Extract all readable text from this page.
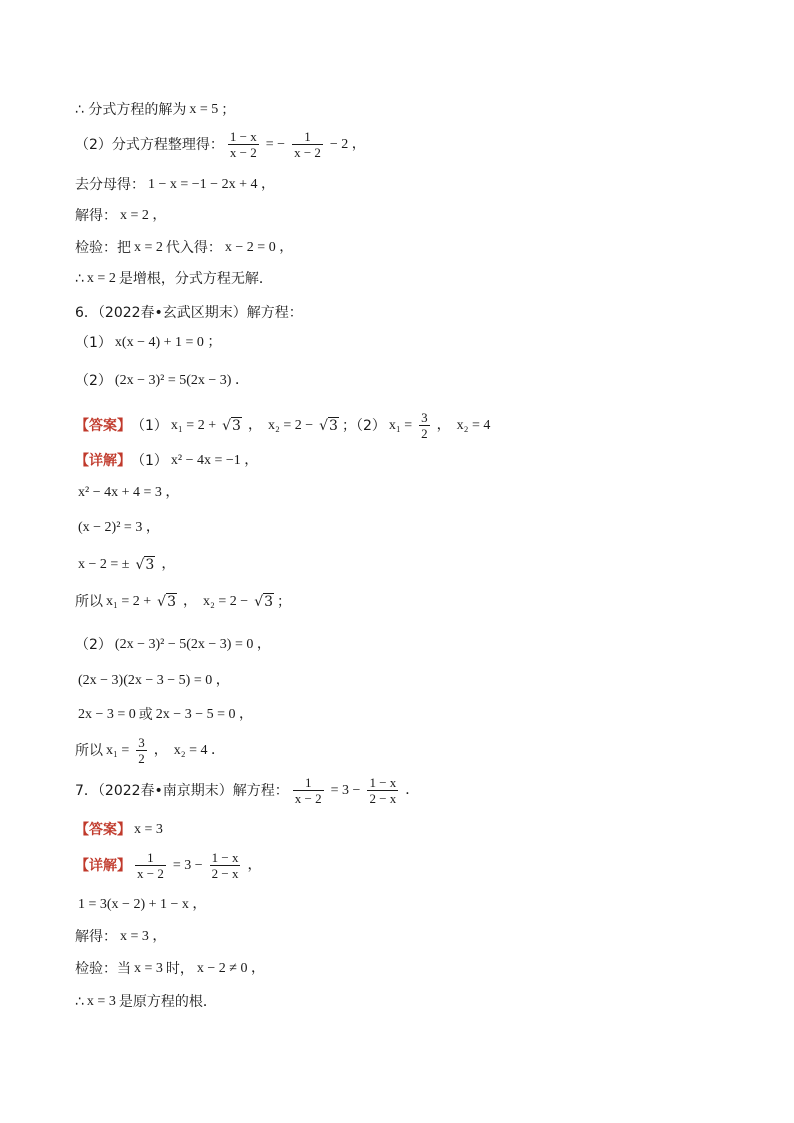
∴ 分式方程的解为 x = 5 ；
（2）分式方程整理得： $\frac{1 - x}{x - 2}$ = − $\frac{1}{x - 2} - 2$ ，
去分母得： 1 − x = −1 − 2x + 4 ，
解得： x = 2 ，
检验：把 x = 2 代入得： x − 2 = 0 ，
∴ x = 2 是增根，分式方程无解．
6．（2022春•玄武区期末）解方程：
（1） x(x − 4) + 1 = 0 ；
（2） (2x − 3)² = 5(2x − 3) ．
【答案】 （1） x₁ = 2 + √3 ， x₂ = 2 − √3 ；（2） $x_1 = \frac{3}{2}$ ， x₂ = 4
【详解】 （1） x² − 4x = −1 ，
x² − 4x + 4 = 3 ，
(x − 2)² = 3 ，
x − 2 = ± √3 ，
所以 x₁ = 2 + √3 ， x₂ = 2 − √3 ；
（2） (2x − 3)² − 5(2x − 3) = 0 ，
(2x − 3)(2x − 3 − 5) = 0 ，
2x − 3 = 0 或 2x − 3 − 5 = 0 ，
所以 $x_1 = \frac{3}{2}$ ， x₂ = 4 ．
7．（2022春•南京期末）解方程： $\frac{1}{x - 2} = 3 - \frac{1 - x}{2 - x}$ ．
【答案】 x = 3
【详解】 $\frac{1}{x - 2} = 3 - \frac{1 - x}{2 - x}$ ，
1 = 3(x − 2) + 1 − x ，
解得： x = 3 ，
检验：当 x = 3 时， x − 2 ≠ 0 ，
∴ x = 3 是原方程的根．
